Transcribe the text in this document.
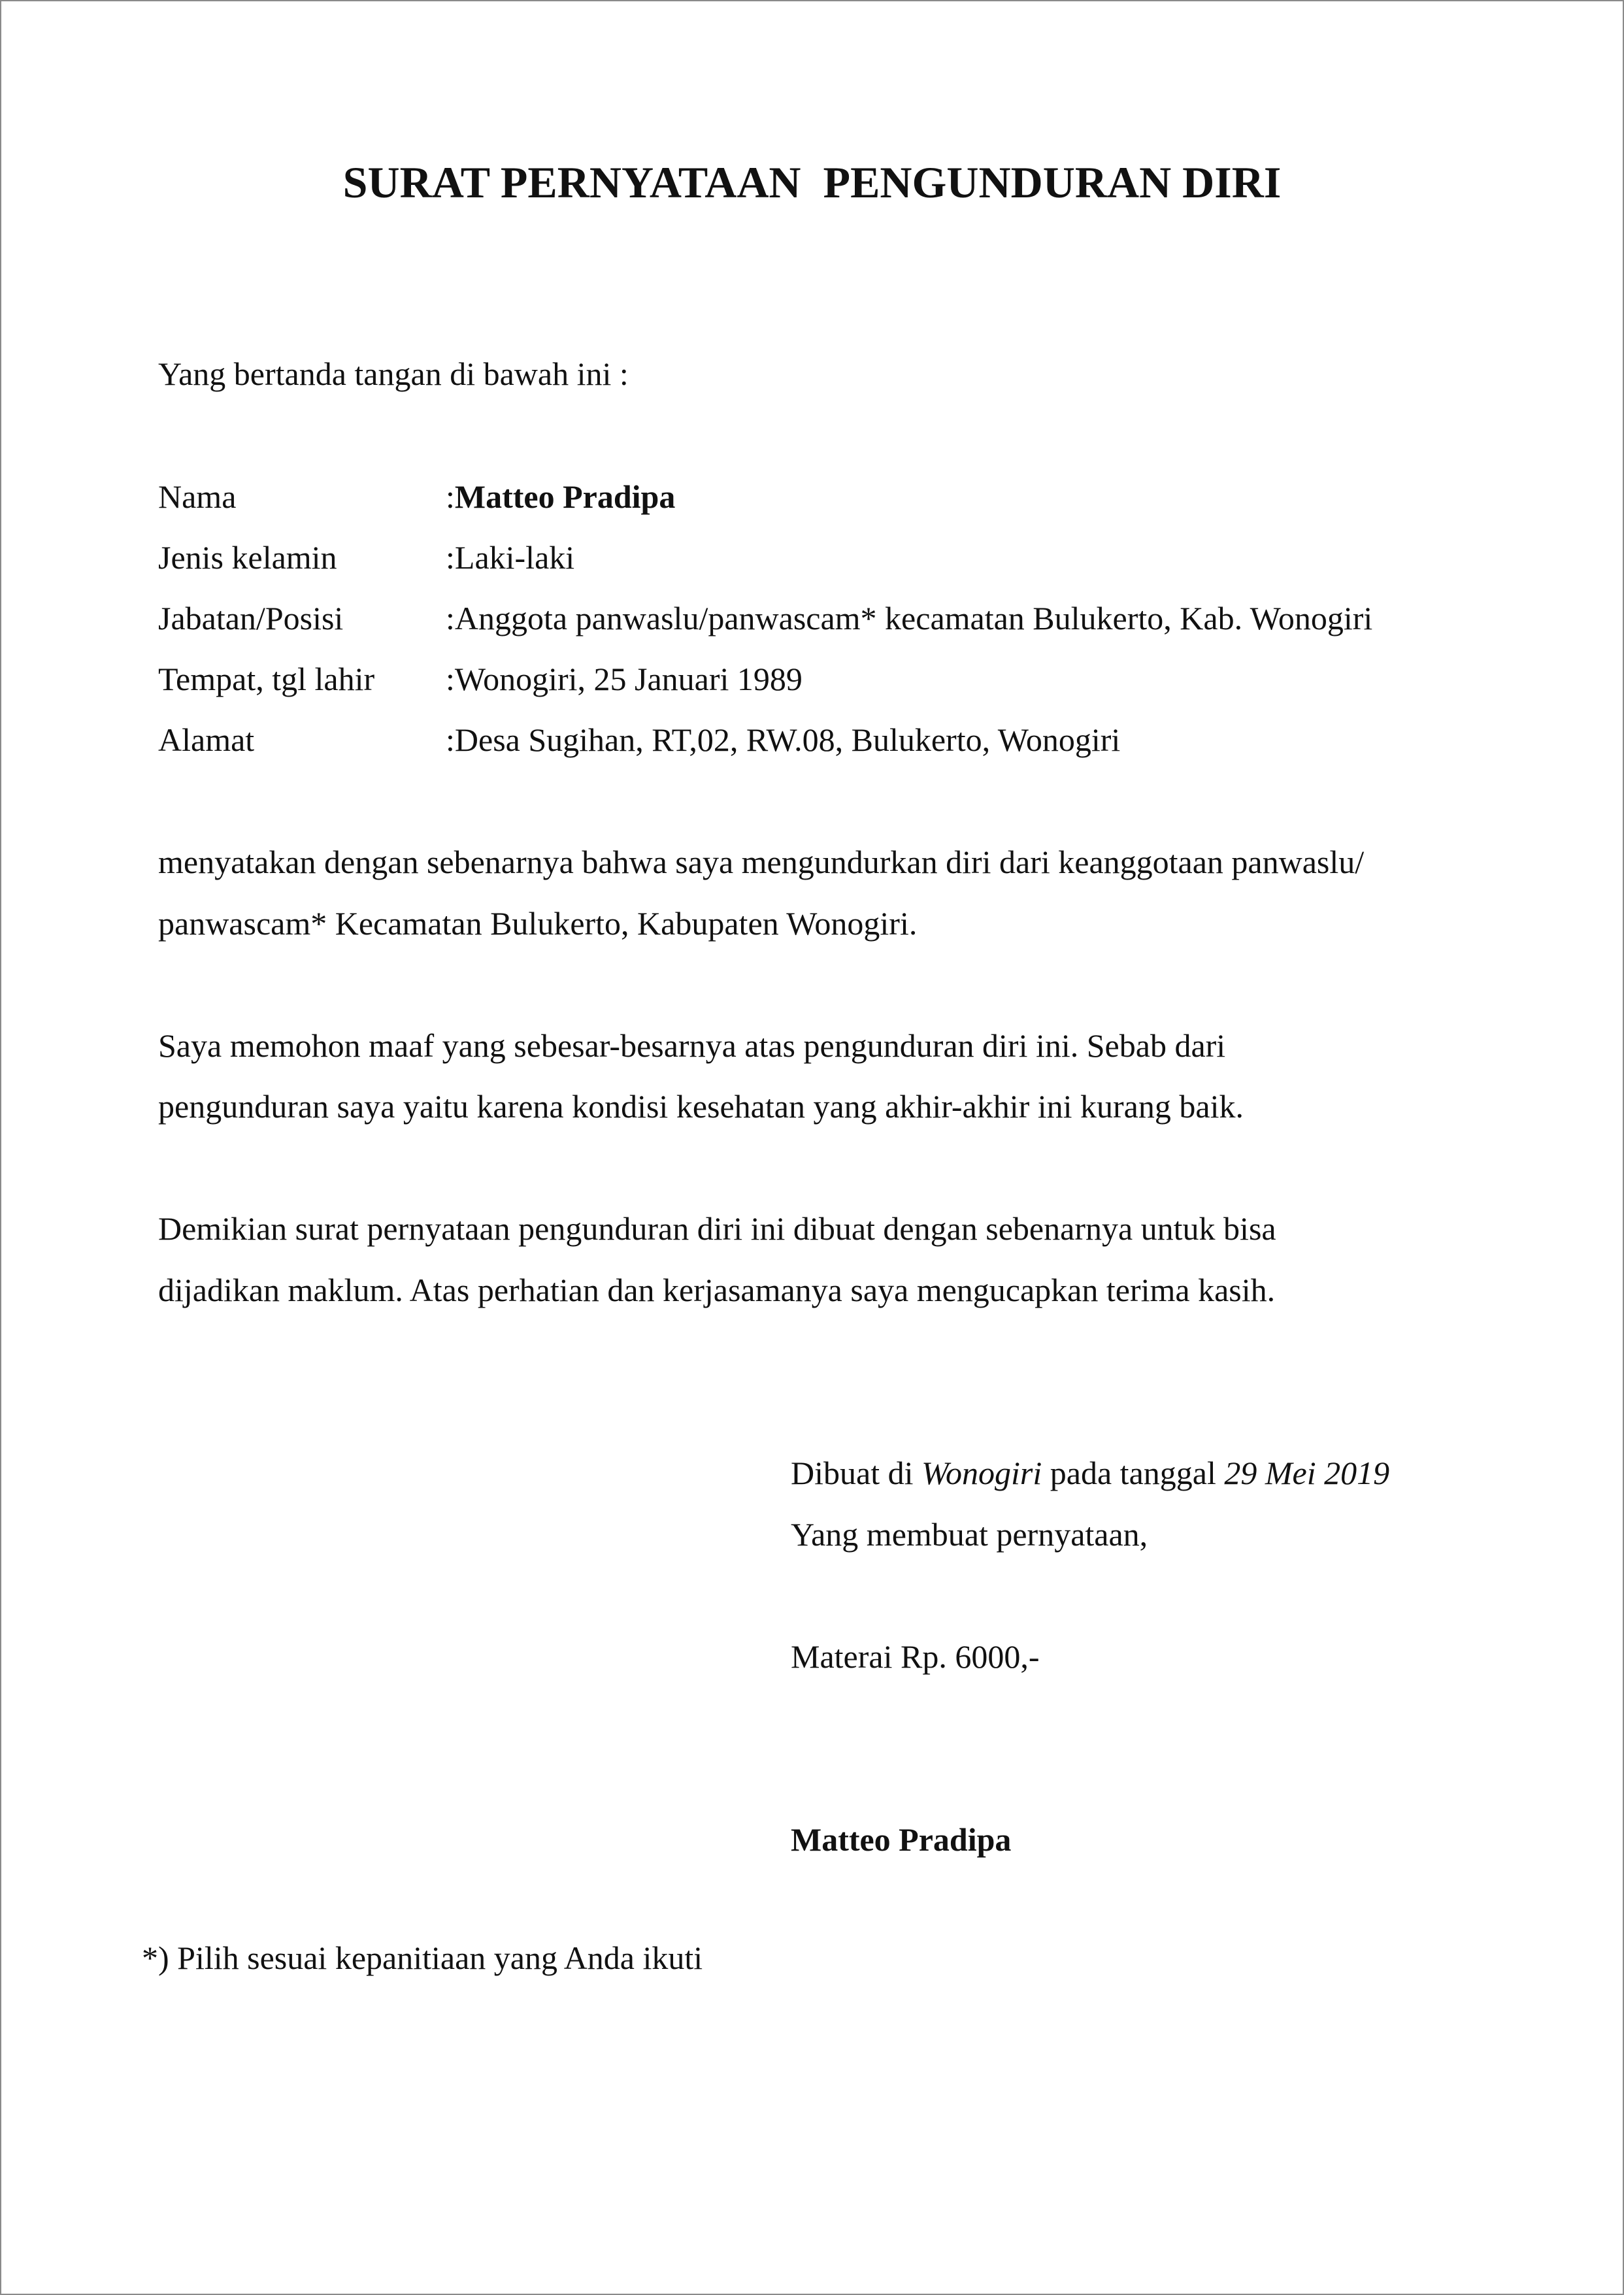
SURAT PERNYATAAN  PENGUNDURAN DIRI

Yang bertanda tangan di bawah ini :

Nama	: Matteo Pradipa
Jenis kelamin	: Laki-laki
Jabatan/Posisi	: Anggota panwaslu/panwascam* kecamatan Bulukerto, Kab. Wonogiri
Tempat, tgl lahir	: Wonogiri, 25 Januari 1989
Alamat	: Desa Sugihan, RT,02, RW.08, Bulukerto, Wonogiri

menyatakan dengan sebenarnya bahwa saya mengundurkan diri dari keanggotaan panwaslu/

panwascam* Kecamatan Bulukerto, Kabupaten Wonogiri.

Saya memohon maaf yang sebesar-besarnya atas pengunduran diri ini. Sebab dari

pengunduran saya yaitu karena kondisi kesehatan yang akhir-akhir ini kurang baik.

Demikian surat pernyataan pengunduran diri ini dibuat dengan sebenarnya untuk bisa

dijadikan maklum. Atas perhatian dan kerjasamanya saya mengucapkan terima kasih.

Dibuat di Wonogiri pada tanggal 29 Mei 2019

Yang membuat pernyataan,

Materai Rp. 6000,-

Matteo Pradipa

*) Pilih sesuai kepanitiaan yang Anda ikuti
